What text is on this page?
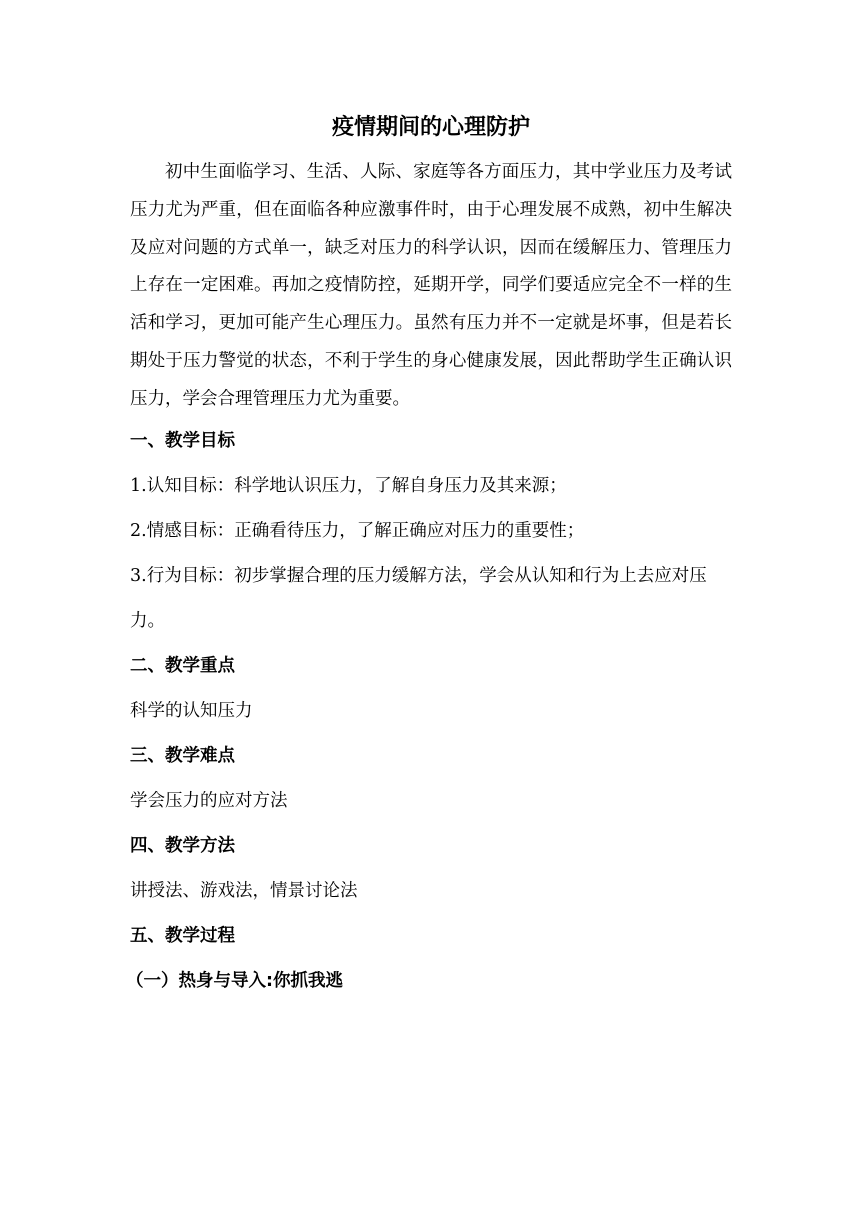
疫情期间的心理防护

初中生面临学习、生活、人际、家庭等各方面压力，其中学业压力及考试压力尤为严重，但在面临各种应激事件时，由于心理发展不成熟，初中生解决及应对问题的方式单一，缺乏对压力的科学认识，因而在缓解压力、管理压力上存在一定困难。再加之疫情防控，延期开学，同学们要适应完全不一样的生活和学习，更加可能产生心理压力。虽然有压力并不一定就是坏事，但是若长期处于压力警觉的状态，不利于学生的身心健康发展，因此帮助学生正确认识压力，学会合理管理压力尤为重要。

一、教学目标

1.认知目标：科学地认识压力，了解自身压力及其来源；

2.情感目标：正确看待压力，了解正确应对压力的重要性；

3.行为目标：初步掌握合理的压力缓解方法，学会从认知和行为上去应对压力。

二、教学重点

科学的认知压力

三、教学难点

学会压力的应对方法

四、教学方法

讲授法、游戏法，情景讨论法

五、教学过程

（一）热身与导入:你抓我逃
